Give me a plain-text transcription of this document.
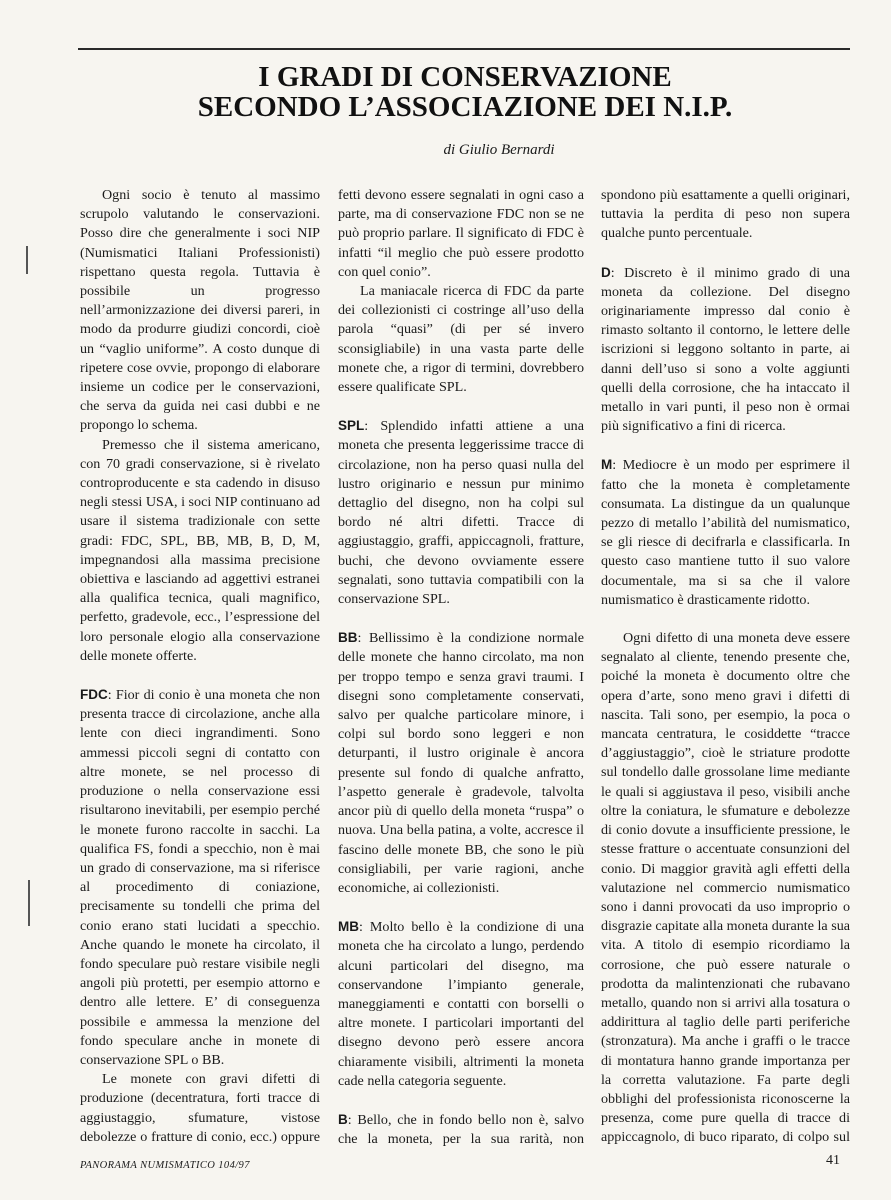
I GRADI DI CONSERVAZIONE
SECONDO L’ASSOCIAZIONE DEI N.I.P.
di Giulio Bernardi

Ogni socio è tenuto al massimo scrupolo valutando le conservazioni. Posso dire che generalmente i soci NIP (Numismatici Italiani Professionisti) rispettano questa regola. Tuttavia è possibile un progresso nell’armonizzazione dei diversi pareri, in modo da produrre giudizi concordi, cioè un “vaglio uniforme”. A costo dunque di ripetere cose ovvie, propongo di elaborare insieme un codice per le conservazioni, che serva da guida nei casi dubbi e ne propongo lo schema.

Premesso che il sistema americano, con 70 gradi conservazione, si è rivelato controproducente e sta cadendo in disuso negli stessi USA, i soci NIP continuano ad usare il sistema tradizionale con sette gradi: FDC, SPL, BB, MB, B, D, M, impegnandosi alla massima precisione obiettiva e lasciando ad aggettivi estranei alla qualifica tecnica, quali magnifico, perfetto, gradevole, ecc., l’espressione del loro personale elogio alla conservazione delle monete offerte.

FDC: Fior di conio è una moneta che non presenta tracce di circolazione, anche alla lente con dieci ingrandimenti. Sono ammessi piccoli segni di contatto con altre monete, se nel processo di produzione o nella conservazione essi risultarono inevitabili, per esempio perché le monete furono raccolte in sacchi. La qualifica FS, fondi a specchio, non è mai un grado di conservazione, ma si riferisce al procedimento di coniazione, precisamente su tondelli che prima del conio erano stati lucidati a specchio. Anche quando le monete ha circolato, il fondo speculare può restare visibile negli angoli più protetti, per esempio attorno e dentro alle lettere. E’ di conseguenza possibile e ammessa la menzione del fondo speculare anche in monete di conservazione SPL o BB.

Le monete con gravi difetti di produzione (decentratura, forti tracce di aggiustaggio, sfumature, vistose debolezze o fratture di conio, ecc.) oppure

fetti devono essere segnalati in ogni caso a parte, ma di conservazione FDC non se ne può proprio parlare. Il significato di FDC è infatti “il meglio che può essere prodotto con quel conio”.

La maniacale ricerca di FDC da parte dei collezionisti ci costringe all’uso della parola “quasi” (di per sé invero sconsigliabile) in una vasta parte delle monete che, a rigor di termini, dovrebbero essere qualificate SPL.

SPL: Splendido infatti attiene a una moneta che presenta leggerissime tracce di circolazione, non ha perso quasi nulla del lustro originario e nessun pur minimo dettaglio del disegno, non ha colpi sul bordo né altri difetti. Tracce di aggiustaggio, graffi, appiccagnoli, fratture, buchi, che devono ovviamente essere segnalati, sono tuttavia compatibili con la conservazione SPL.

BB: Bellissimo è la condizione normale delle monete che hanno circolato, ma non per troppo tempo e senza gravi traumi. I disegni sono completamente conservati, salvo per qualche particolare minore, i colpi sul bordo sono leggeri e non deturpanti, il lustro originale è ancora presente sul fondo di qualche anfratto, l’aspetto generale è gradevole, talvolta ancor più di quello della moneta “ruspa” o nuova. Una bella patina, a volte, accresce il fascino delle monete BB, che sono le più consigliabili, per varie ragioni, anche economiche, ai collezionisti.

MB: Molto bello è la condizione di una moneta che ha circolato a lungo, perdendo alcuni particolari del disegno, ma conservandone l’impianto generale, maneggiamenti e contatti con borselli o altre monete. I particolari importanti del disegno devono però essere ancora chiaramente visibili, altrimenti la moneta cade nella categoria seguente.

B: Bello, che in fondo bello non è, salvo che la moneta, per la sua rarità, non

spondono più esattamente a quelli originari, tuttavia la perdita di peso non supera qualche punto percentuale.

D: Discreto è il minimo grado di una moneta da collezione. Del disegno originariamente impresso dal conio è rimasto soltanto il contorno, le lettere delle iscrizioni si leggono soltanto in parte, ai danni dell’uso si sono a volte aggiunti quelli della corrosione, che ha intaccato il metallo in vari punti, il peso non è ormai più significativo a fini di ricerca.

M: Mediocre è un modo per esprimere il fatto che la moneta è completamente consumata. La distingue da un qualunque pezzo di metallo l’abilità del numismatico, se gli riesce di decifrarla e classificarla. In questo caso mantiene tutto il suo valore documentale, ma si sa che il valore numismatico è drasticamente ridotto.

Ogni difetto di una moneta deve essere segnalato al cliente, tenendo presente che, poiché la moneta è documento oltre che opera d’arte, sono meno gravi i difetti di nascita. Tali sono, per esempio, la poca o mancata centratura, le cosiddette “tracce d’aggiustaggio”, cioè le striature prodotte sul tondello dalle grossolane lime mediante le quali si aggiustava il peso, visibili anche oltre la coniatura, le sfumature e debolezze di conio dovute a insufficiente pressione, le stesse fratture o accentuate consunzioni del conio. Di maggior gravità agli effetti della valutazione nel commercio numismatico sono i danni provocati da uso improprio o disgrazie capitate alla moneta durante la sua vita. A titolo di esempio ricordiamo la corrosione, che può essere naturale o prodotta da malintenzionati che rubavano metallo, quando non si arrivi alla tosatura o addirittura al taglio delle parti periferiche (stronzatura). Ma anche i graffi o le tracce di montatura hanno grande importanza per la corretta valutazione. Fa parte degli obblighi del professionista riconoscerne la presenza, come pure quella di tracce di appiccagnolo, di buco riparato, di colpo sul

PANORAMA NUMISMATICO 104/97	41
